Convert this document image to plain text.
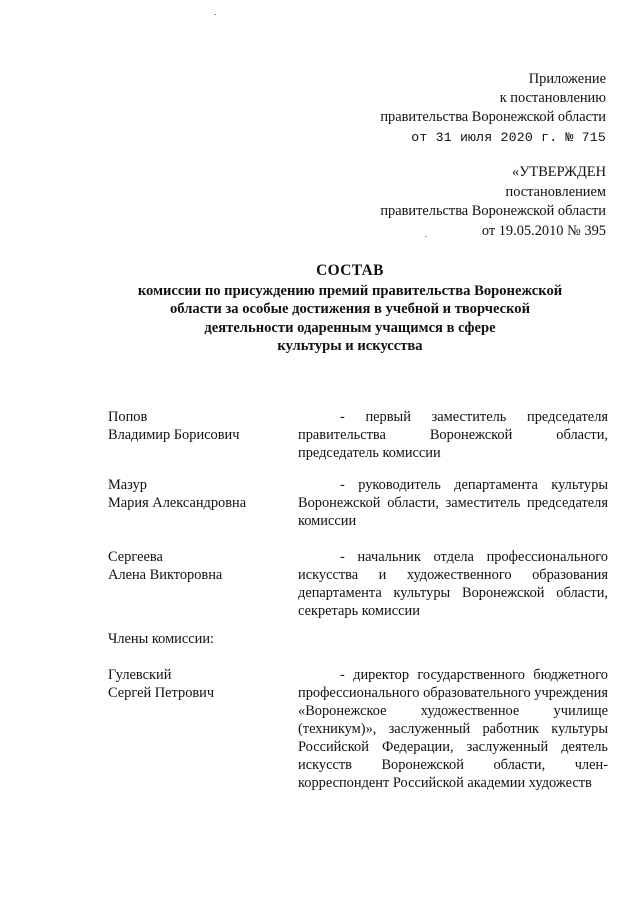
Приложение
к постановлению
правительства Воронежской области
от 31 июля 2020 г. № 715
«УТВЕРЖДЕН
постановлением
правительства Воронежской области
от 19.05.2010 № 395
СОСТАВ
комиссии по присуждению премий правительства Воронежской
области за особые достижения в учебной и творческой
деятельности одаренным учащимся в сфере
культуры и искусства
Попов
Владимир Борисович
- первый заместитель председателя правительства Воронежской области, председатель комиссии
Мазур
Мария Александровна
- руководитель департамента культуры Воронежской области, заместитель председателя комиссии
Сергеева
Алена Викторовна
- начальник отдела профессионального искусства и художественного образования департамента культуры Воронежской области, секретарь комиссии
Члены комиссии:
Гулевский
Сергей Петрович
- директор государственного бюджетного профессионального образовательного учреждения «Воронежское художественное училище (техникум)», заслуженный работник культуры Российской Федерации, заслуженный деятель искусств Воронежской области, член-корреспондент Российской академии художеств
